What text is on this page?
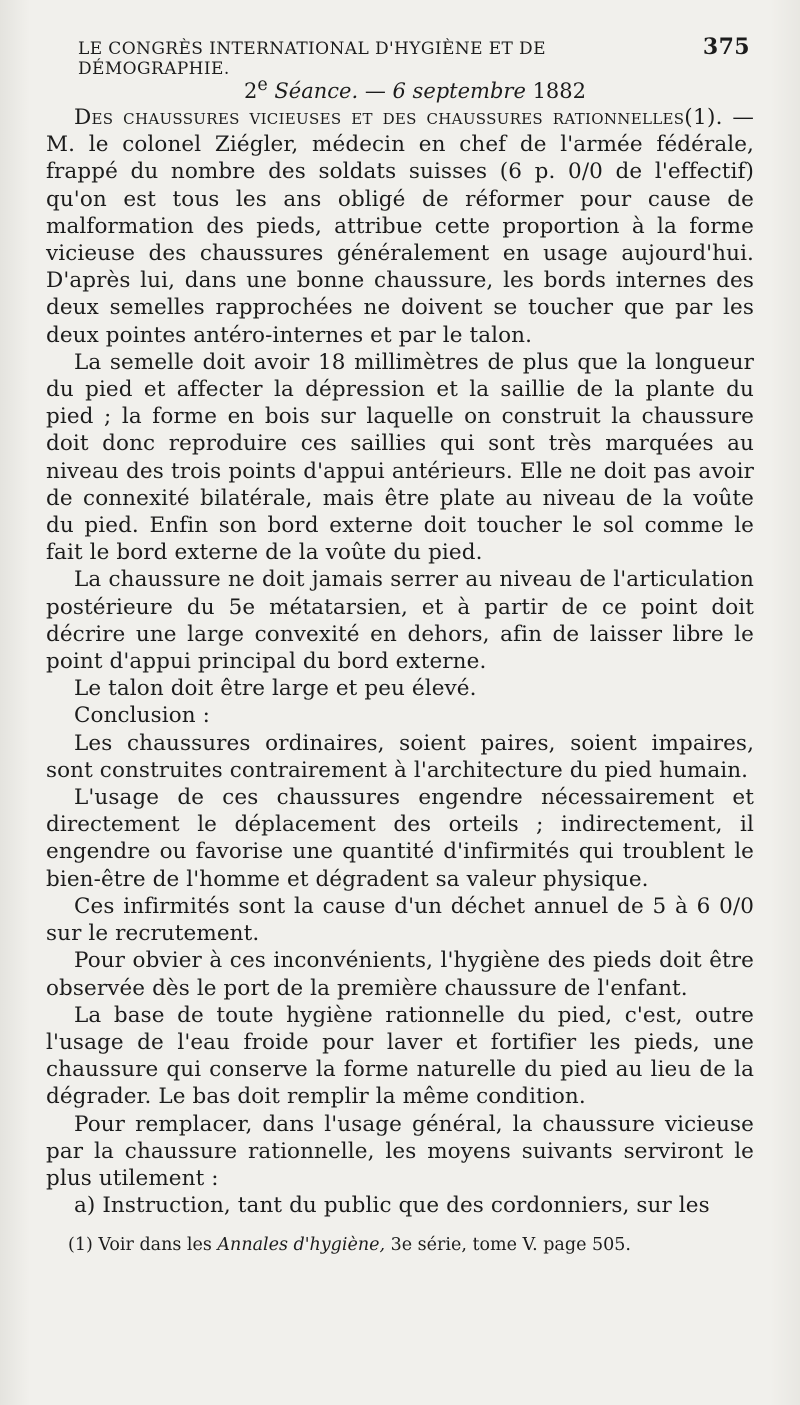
LE CONGRÈS INTERNATIONAL D'HYGIÈNE ET DE DÉMOGRAPHIE.
375
2e Séance. — 6 septembre 1882

Des chaussures vicieuses et des chaussures rationnelles(1). — M. le colonel Ziégler, médecin en chef de l'armée fédérale, frappé du nombre des soldats suisses (6 p. 0/0 de l'effectif) qu'on est tous les ans obligé de réformer pour cause de malformation des pieds, attribue cette proportion à la forme vicieuse des chaussures généralement en usage aujourd'hui. D'après lui, dans une bonne chaussure, les bords internes des deux semelles rapprochées ne doivent se toucher que par les deux pointes antéro-internes et par le talon.

La semelle doit avoir 18 millimètres de plus que la longueur du pied et affecter la dépression et la saillie de la plante du pied ; la forme en bois sur laquelle on construit la chaussure doit donc reproduire ces saillies qui sont très marquées au niveau des trois points d'appui antérieurs. Elle ne doit pas avoir de connexité bilatérale, mais être plate au niveau de la voûte du pied. Enfin son bord externe doit toucher le sol comme le fait le bord externe de la voûte du pied.

La chaussure ne doit jamais serrer au niveau de l'articulation postérieure du 5e métatarsien, et à partir de ce point doit décrire une large convexité en dehors, afin de laisser libre le point d'appui principal du bord externe.

Le talon doit être large et peu élevé.

Conclusion :

Les chaussures ordinaires, soient paires, soient impaires, sont construites contrairement à l'architecture du pied humain.

L'usage de ces chaussures engendre nécessairement et directement le déplacement des orteils ; indirectement, il engendre ou favorise une quantité d'infirmités qui troublent le bien-être de l'homme et dégradent sa valeur physique.

Ces infirmités sont la cause d'un déchet annuel de 5 à 6 0/0 sur le recrutement.

Pour obvier à ces inconvénients, l'hygiène des pieds doit être observée dès le port de la première chaussure de l'enfant.

La base de toute hygiène rationnelle du pied, c'est, outre l'usage de l'eau froide pour laver et fortifier les pieds, une chaussure qui conserve la forme naturelle du pied au lieu de la dégrader. Le bas doit remplir la même condition.

Pour remplacer, dans l'usage général, la chaussure vicieuse par la chaussure rationnelle, les moyens suivants serviront le plus utilement :

a) Instruction, tant du public que des cordonniers, sur les

(1) Voir dans les Annales d'hygiène, 3e série, tome V. page 505.
